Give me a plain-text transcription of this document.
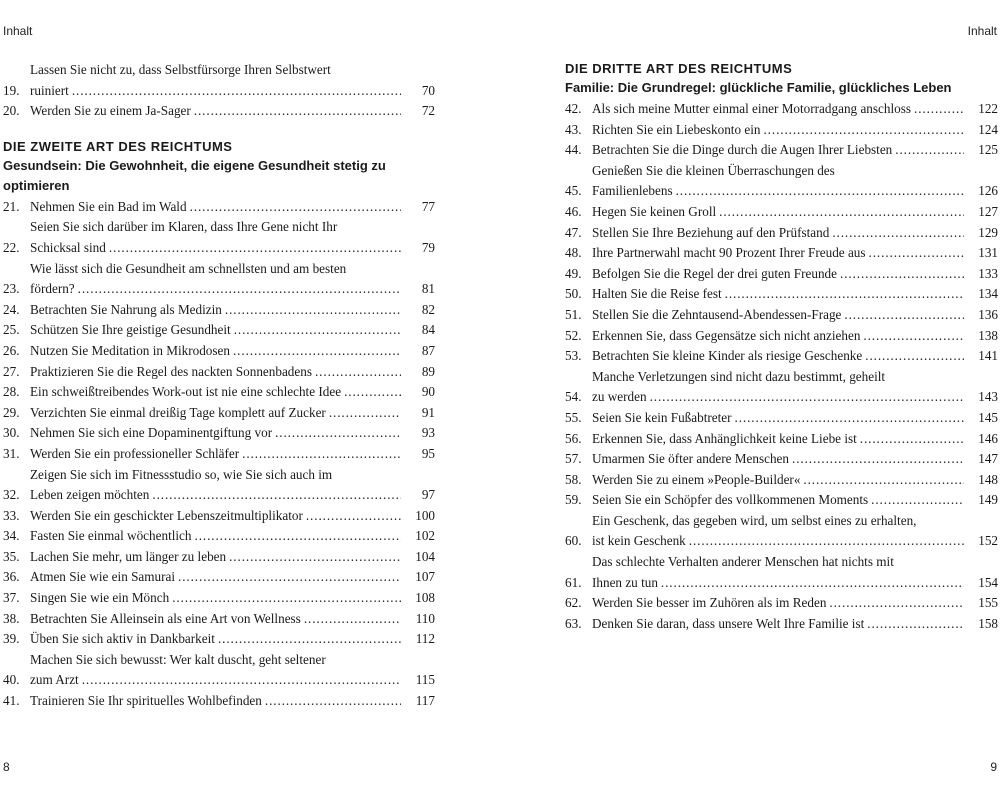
Inhalt	Inhalt
19.
Lassen Sie nicht zu, dass Selbstfürsorge Ihren Selbstwert
ruiniert . . .	70
20. Werden Sie zu einem Ja-Sager . . .	72
DIE ZWEITE ART DES REICHTUMS
Gesundsein: Die Gewohnheit, die eigene Gesundheit stetig zu
optimieren
21. Nehmen Sie ein Bad im Wald . . .	77
22.
Seien Sie sich darüber im Klaren, dass Ihre Gene nicht Ihr
Schicksal sind . . .	79
23.
Wie lässt sich die Gesundheit am schnellsten und am besten
fördern? . . .	81
24. Betrachten Sie Nahrung als Medizin . . .	82
25. Schützen Sie Ihre geistige Gesundheit . . .	84
26. Nutzen Sie Meditation in Mikrodosen . . .	87
27. Praktizieren Sie die Regel des nackten Sonnenbadens . . .	89
28. Ein schweißtreibendes Work-out ist nie eine schlechte Idee . . .	90
29. Verzichten Sie einmal dreißig Tage komplett auf Zucker . . .	91
30. Nehmen Sie sich eine Dopaminentgiftung vor . . .	93
31. Werden Sie ein professioneller Schläfer . . .	95
32.
Zeigen Sie sich im Fitnessstudio so, wie Sie sich auch im
Leben zeigen möchten . . .	97
33. Werden Sie ein geschickter Lebenszeitmultiplikator . . .	100
34. Fasten Sie einmal wöchentlich . . .	102
35. Lachen Sie mehr, um länger zu leben . . .	104
36. Atmen Sie wie ein Samurai . . .	107
37. Singen Sie wie ein Mönch . . .	108
38. Betrachten Sie Alleinsein als eine Art von Wellness . . .	110
39. Üben Sie sich aktiv in Dankbarkeit . . .	112
40.
Machen Sie sich bewusst: Wer kalt duscht, geht seltener
zum Arzt . . .	115
41. Trainieren Sie Ihr spirituelles Wohlbefinden . . .	117
DIE DRITTE ART DES REICHTUMS
Familie: Die Grundregel: glückliche Familie, glückliches Leben
42. Als sich meine Mutter einmal einer Motorradgang anschloss . . .	122
43. Richten Sie ein Liebeskonto ein . . .	124
44. Betrachten Sie die Dinge durch die Augen Ihrer Liebsten . . .	125
45.
Genießen Sie die kleinen Überraschungen des
Familienlebens . . .	126
46. Hegen Sie keinen Groll . . .	127
47. Stellen Sie Ihre Beziehung auf den Prüfstand . . .	129
48. Ihre Partnerwahl macht 90 Prozent Ihrer Freude aus . . .	131
49. Befolgen Sie die Regel der drei guten Freunde . . .	133
50. Halten Sie die Reise fest . . .	134
51. Stellen Sie die Zehntausend-Abendessen-Frage . . .	136
52. Erkennen Sie, dass Gegensätze sich nicht anziehen . . .	138
53. Betrachten Sie kleine Kinder als riesige Geschenke . . .	141
54.
Manche Verletzungen sind nicht dazu bestimmt, geheilt
zu werden . . .	143
55. Seien Sie kein Fußabtreter . . .	145
56. Erkennen Sie, dass Anhänglichkeit keine Liebe ist . . .	146
57. Umarmen Sie öfter andere Menschen . . .	147
58. Werden Sie zu einem »People-Builder« . . .	148
59. Seien Sie ein Schöpfer des vollkommenen Moments . . .	149
60.
Ein Geschenk, das gegeben wird, um selbst eines zu erhalten,
ist kein Geschenk . . .	152
61.
Das schlechte Verhalten anderer Menschen hat nichts mit
Ihnen zu tun . . .	154
62. Werden Sie besser im Zuhören als im Reden . . .	155
63. Denken Sie daran, dass unsere Welt Ihre Familie ist . . .	158
8	9
